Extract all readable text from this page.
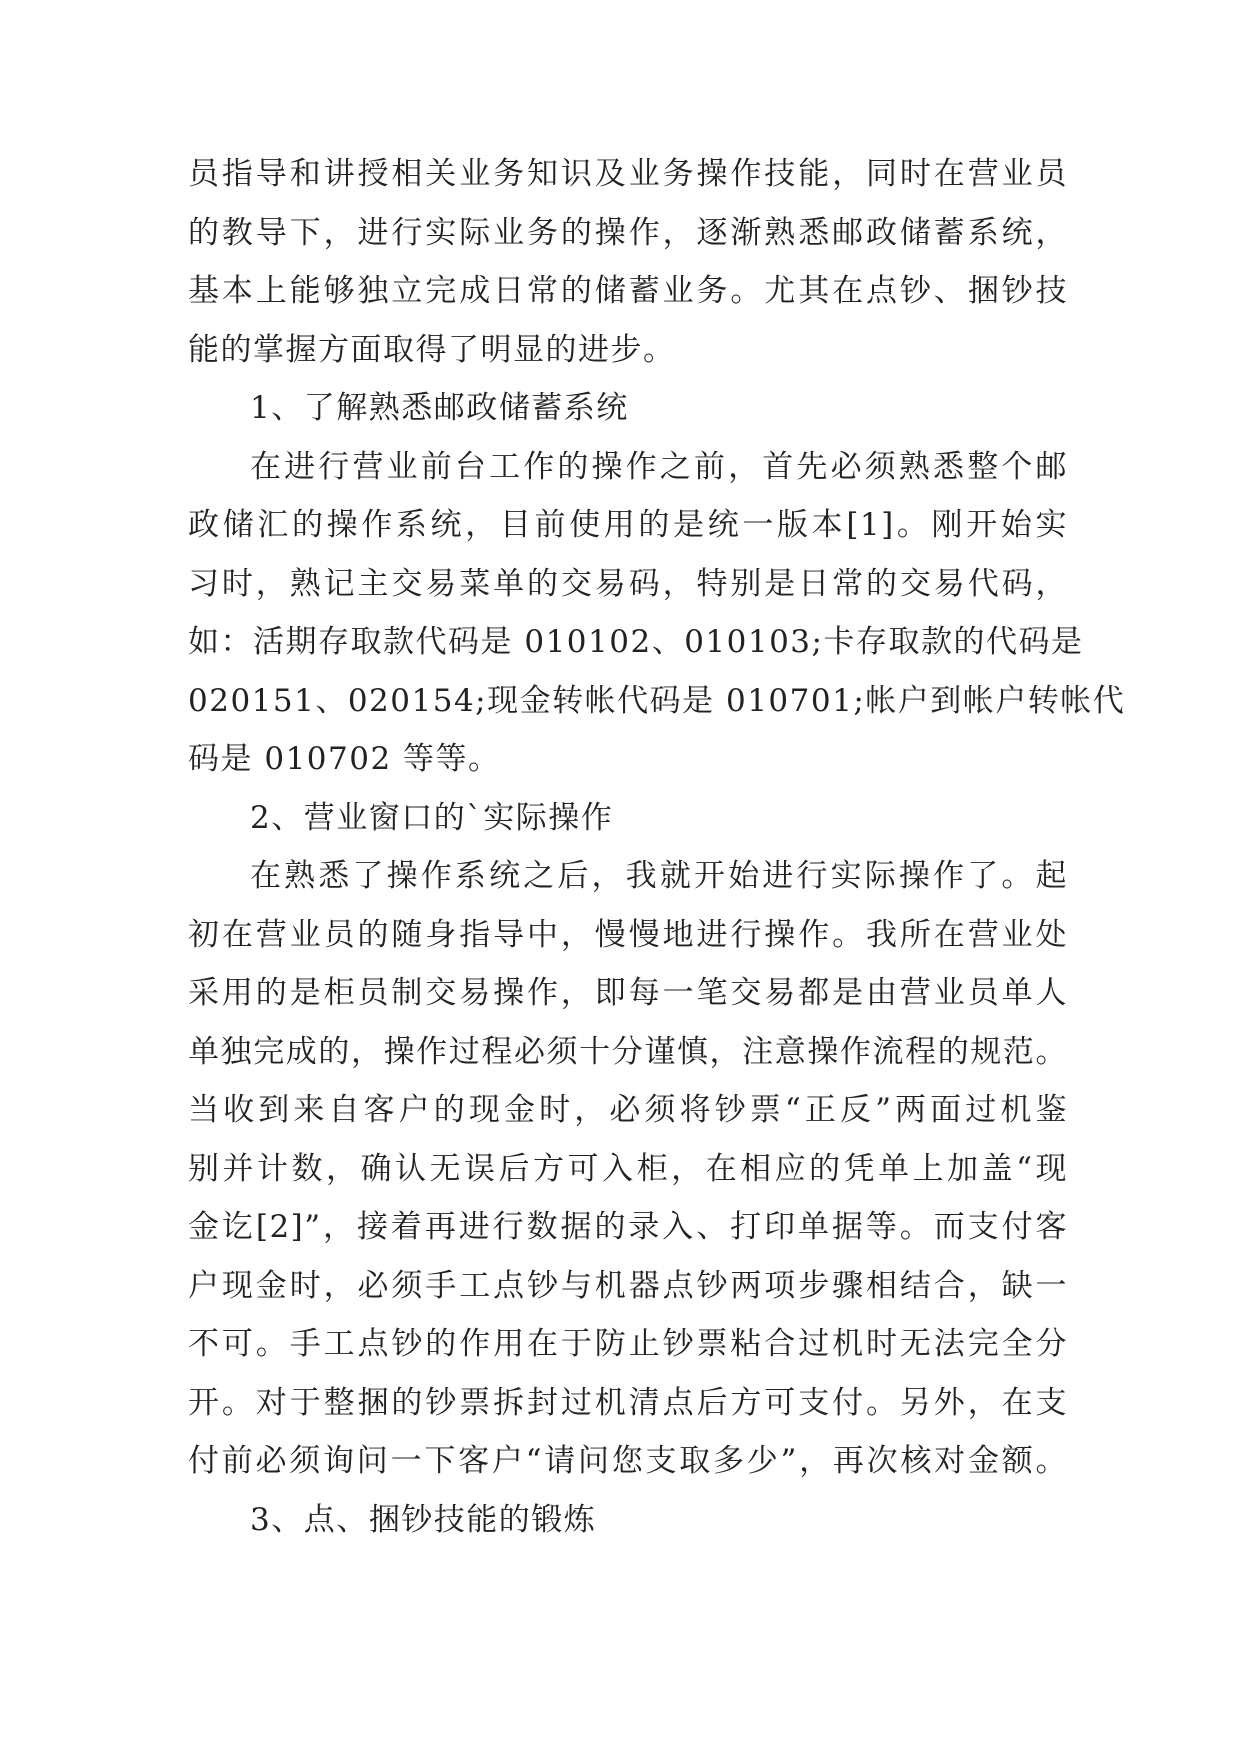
员指导和讲授相关业务知识及业务操作技能，同时在营业员
的教导下，进行实际业务的操作，逐渐熟悉邮政储蓄系统，
基本上能够独立完成日常的储蓄业务。尤其在点钞、捆钞技
能的掌握方面取得了明显的进步。
1、了解熟悉邮政储蓄系统
在进行营业前台工作的操作之前，首先必须熟悉整个邮
政储汇的操作系统，目前使用的是统一版本[1]。刚开始实
习时，熟记主交易菜单的交易码，特别是日常的交易代码，
如：活期存取款代码是 010102、010103;卡存取款的代码是
020151、020154;现金转帐代码是 010701;帐户到帐户转帐代
码是 010702 等等。
2、营业窗口的`实际操作
在熟悉了操作系统之后，我就开始进行实际操作了。起
初在营业员的随身指导中，慢慢地进行操作。我所在营业处
采用的是柜员制交易操作，即每一笔交易都是由营业员单人
单独完成的，操作过程必须十分谨慎，注意操作流程的规范。
当收到来自客户的现金时，必须将钞票“正反”两面过机鉴
别并计数，确认无误后方可入柜，在相应的凭单上加盖“现
金讫[2]”，接着再进行数据的录入、打印单据等。而支付客
户现金时，必须手工点钞与机器点钞两项步骤相结合，缺一
不可。手工点钞的作用在于防止钞票粘合过机时无法完全分
开。对于整捆的钞票拆封过机清点后方可支付。另外，在支
付前必须询问一下客户“请问您支取多少”，再次核对金额。
3、点、捆钞技能的锻炼
